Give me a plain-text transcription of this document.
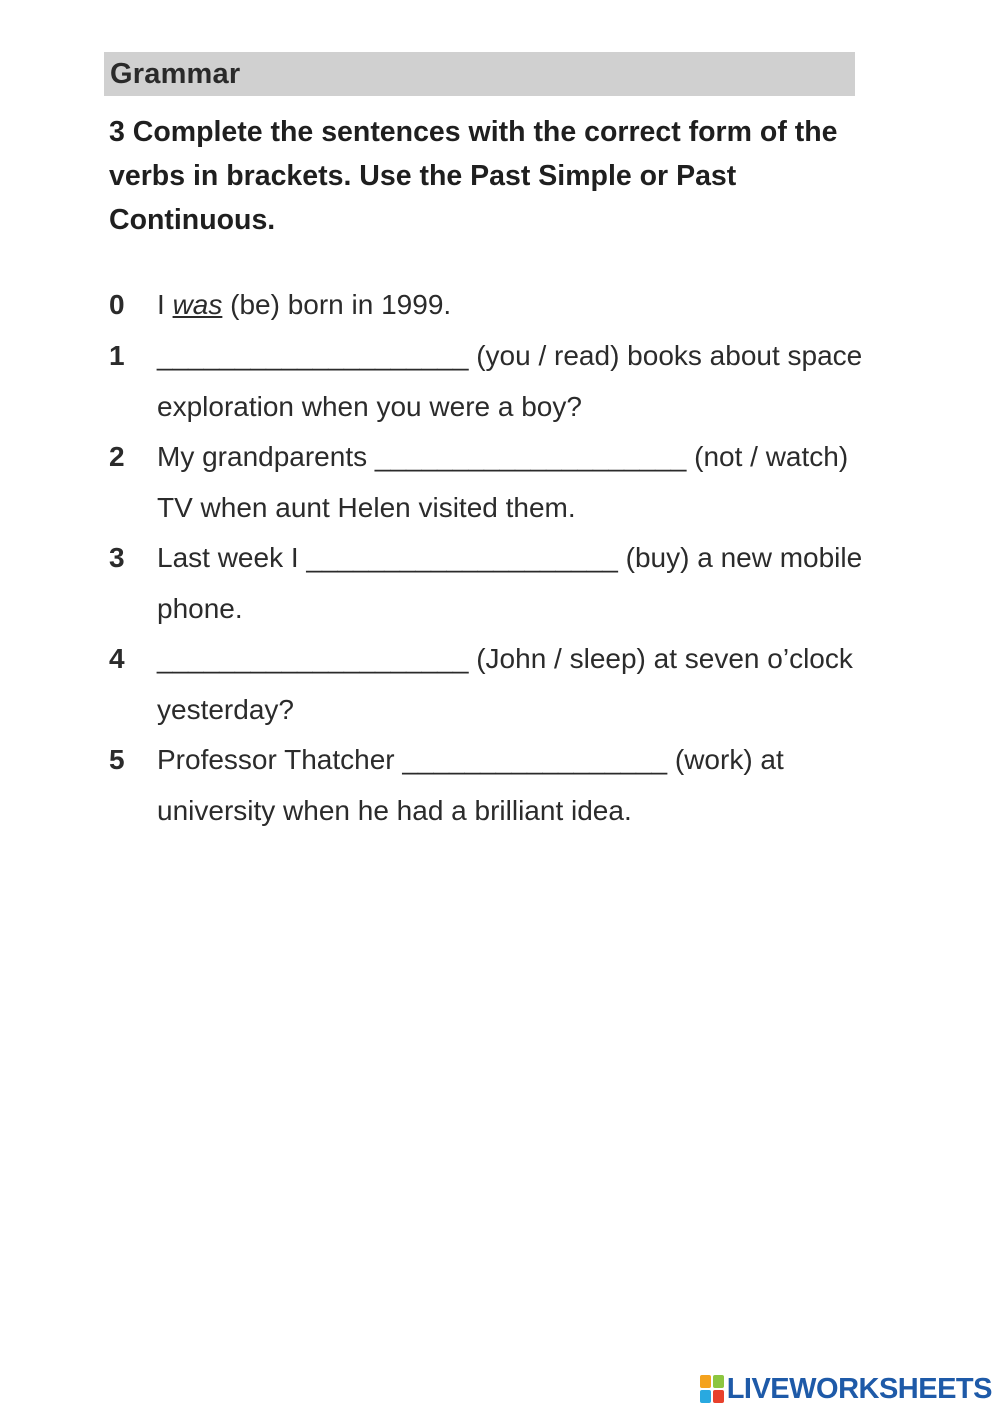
Grammar
3 Complete the sentences with the correct form of the verbs in brackets. Use the Past Simple or Past Continuous.
0	I was (be) born in 1999.
1	____________________ (you / read) books about space exploration when you were a boy?
2	My grandparents ____________________ (not / watch) TV when aunt Helen visited them.
3	Last week I ____________________ (buy) a new mobile phone.
4	____________________ (John / sleep) at seven o’clock yesterday?
5	Professor Thatcher _________________ (work) at university when he had a brilliant idea.
LIVEWORKSHEETS
